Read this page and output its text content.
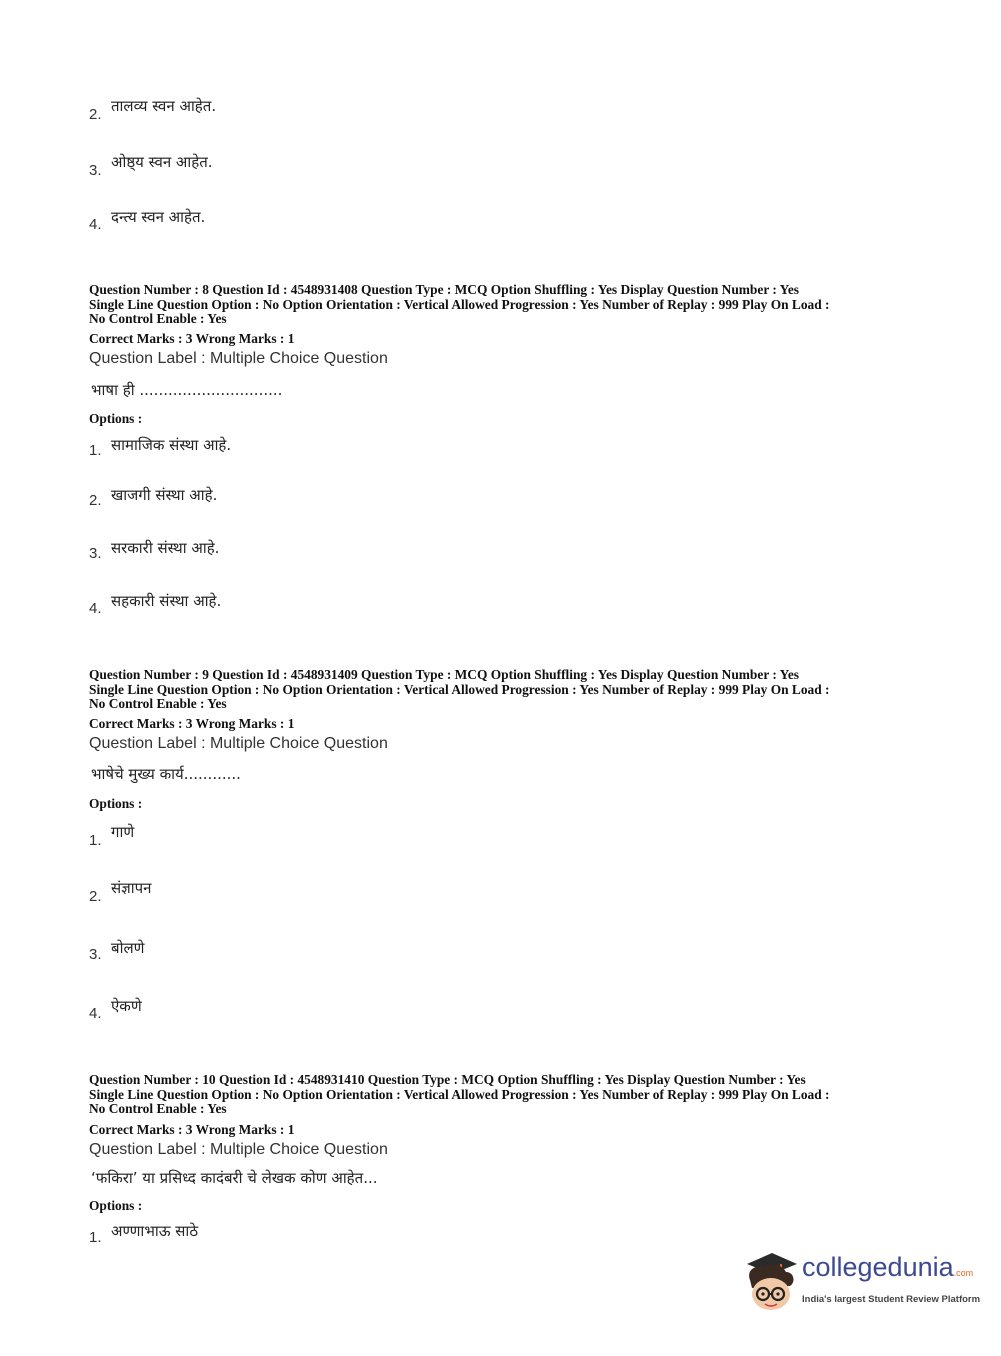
2. तालव्य स्वन आहेत.
3. ओष्ठ्य स्वन आहेत.
4. दन्त्य स्वन आहेत.
Question Number : 8 Question Id : 4548931408 Question Type : MCQ Option Shuffling : Yes Display Question Number : Yes
Single Line Question Option : No Option Orientation : Vertical Allowed Progression : Yes Number of Replay : 999 Play On Load :
No Control Enable : Yes
Correct Marks : 3 Wrong Marks : 1
Question Label : Multiple Choice Question
भाषा ही ..............................
Options :
1. सामाजिक संस्था आहे.
2. खाजगी संस्था आहे.
3. सरकारी संस्था आहे.
4. सहकारी संस्था आहे.
Question Number : 9 Question Id : 4548931409 Question Type : MCQ Option Shuffling : Yes Display Question Number : Yes
Single Line Question Option : No Option Orientation : Vertical Allowed Progression : Yes Number of Replay : 999 Play On Load :
No Control Enable : Yes
Correct Marks : 3 Wrong Marks : 1
Question Label : Multiple Choice Question
भाषेचे मुख्य कार्य............
Options :
1. गाणे
2. संज्ञापन
3. बोलणे
4. ऐकणे
Question Number : 10 Question Id : 4548931410 Question Type : MCQ Option Shuffling : Yes Display Question Number : Yes
Single Line Question Option : No Option Orientation : Vertical Allowed Progression : Yes Number of Replay : 999 Play On Load :
No Control Enable : Yes
Correct Marks : 3 Wrong Marks : 1
Question Label : Multiple Choice Question
‘फकिरा’ या प्रसिध्द कादंबरी चे लेखक कोण आहेत...
Options :
1. अण्णाभाऊ साठे
collegedunia.com
India's largest Student Review Platform
